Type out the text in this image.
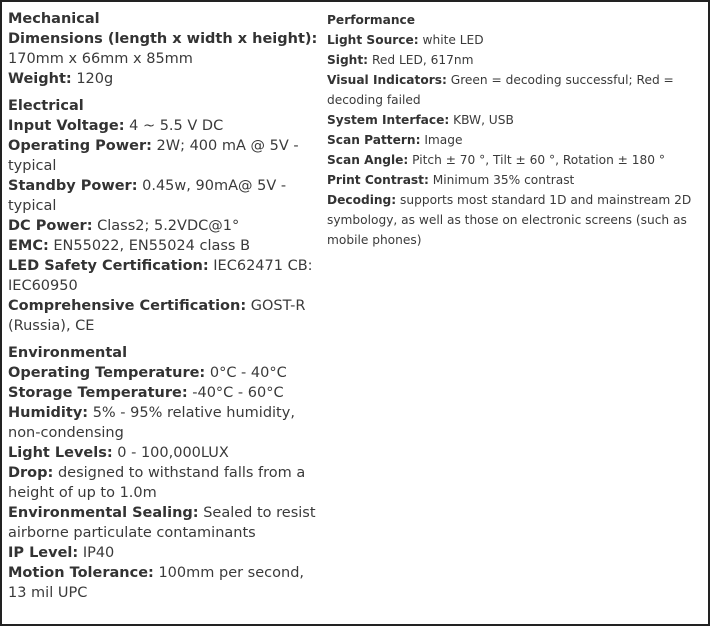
Mechanical
Dimensions (length x width x height): 170mm x 66mm x 85mm
Weight: 120g
Electrical
Input Voltage: 4 ~ 5.5 V DC
Operating Power: 2W; 400 mA @ 5V - typical
Standby Power: 0.45w, 90mA@ 5V - typical
DC Power: Class2; 5.2VDC@1°
EMC: EN55022, EN55024 class B
LED Safety Certification: IEC62471 CB: IEC60950
Comprehensive Certification: GOST-R (Russia), CE
Environmental
Operating Temperature: 0°C - 40°C
Storage Temperature: -40°C - 60°C
Humidity: 5% - 95% relative humidity, non-condensing
Light Levels: 0 - 100,000LUX
Drop: designed to withstand falls from a height of up to 1.0m
Environmental Sealing: Sealed to resist airborne particulate contaminants
IP Level: IP40
Motion Tolerance: 100mm per second, 13 mil UPC
Performance
Light Source: white LED
Sight: Red LED, 617nm
Visual Indicators: Green = decoding successful; Red = decoding failed
System Interface: KBW, USB
Scan Pattern: Image
Scan Angle: Pitch ± 70 °, Tilt ± 60 °, Rotation ± 180 °
Print Contrast: Minimum 35% contrast
Decoding: supports most standard 1D and mainstream 2D symbology, as well as those on electronic screens (such as mobile phones)
